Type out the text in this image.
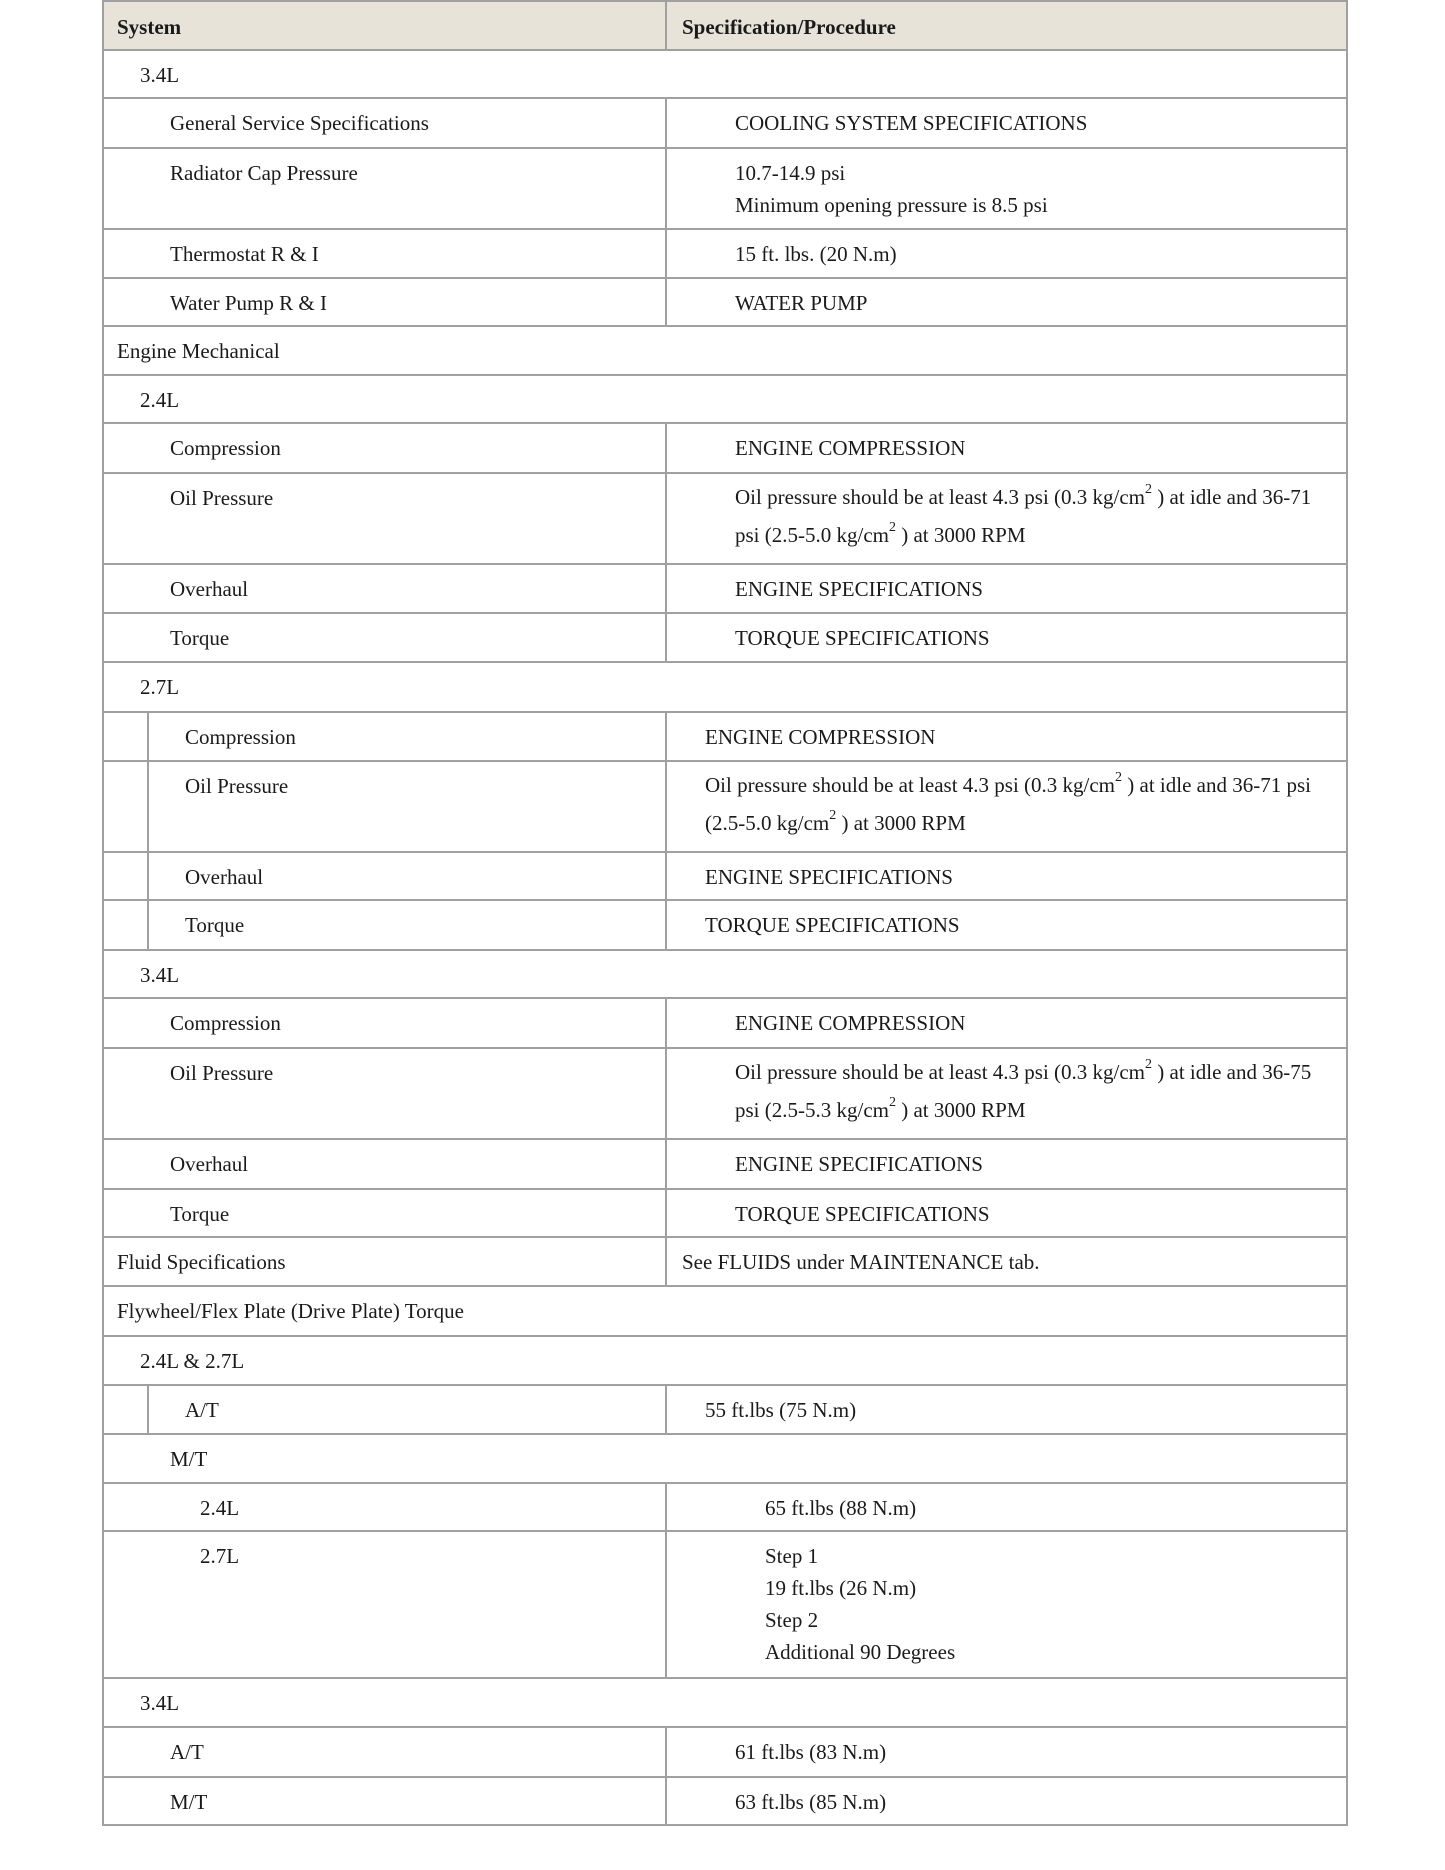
System	Specification/Procedure
3.4L
General Service Specifications	COOLING SYSTEM SPECIFICATIONS
Radiator Cap Pressure	10.7-14.9 psi
Minimum opening pressure is 8.5 psi
Thermostat R & I	15 ft. lbs. (20 N.m)
Water Pump R & I	WATER PUMP
Engine Mechanical
2.4L
Compression	ENGINE COMPRESSION
Oil Pressure	Oil pressure should be at least 4.3 psi (0.3 $kg/cm^2$ ) at idle and 36-71
psi (2.5-5.0 $kg/cm^2$ ) at 3000 RPM
Overhaul	ENGINE SPECIFICATIONS
Torque	TORQUE SPECIFICATIONS
2.7L
Compression	ENGINE COMPRESSION
Oil Pressure	Oil pressure should be at least 4.3 psi (0.3 $kg/cm^2$ ) at idle and 36-71 psi
(2.5-5.0 $kg/cm^2$ ) at 3000 RPM
Overhaul	ENGINE SPECIFICATIONS
Torque	TORQUE SPECIFICATIONS
3.4L
Compression	ENGINE COMPRESSION
Oil Pressure	Oil pressure should be at least 4.3 psi (0.3 $kg/cm^2$ ) at idle and 36-75
psi (2.5-5.3 $kg/cm^2$ ) at 3000 RPM
Overhaul	ENGINE SPECIFICATIONS
Torque	TORQUE SPECIFICATIONS
Fluid Specifications	See FLUIDS under MAINTENANCE tab.
Flywheel/Flex Plate (Drive Plate) Torque
2.4L & 2.7L
A/T	55 ft.lbs (75 N.m)
M/T
2.4L	65 ft.lbs (88 N.m)
2.7L	Step 1
19 ft.lbs (26 N.m)
Step 2
Additional 90 Degrees
3.4L
A/T	61 ft.lbs (83 N.m)
M/T	63 ft.lbs (85 N.m)
